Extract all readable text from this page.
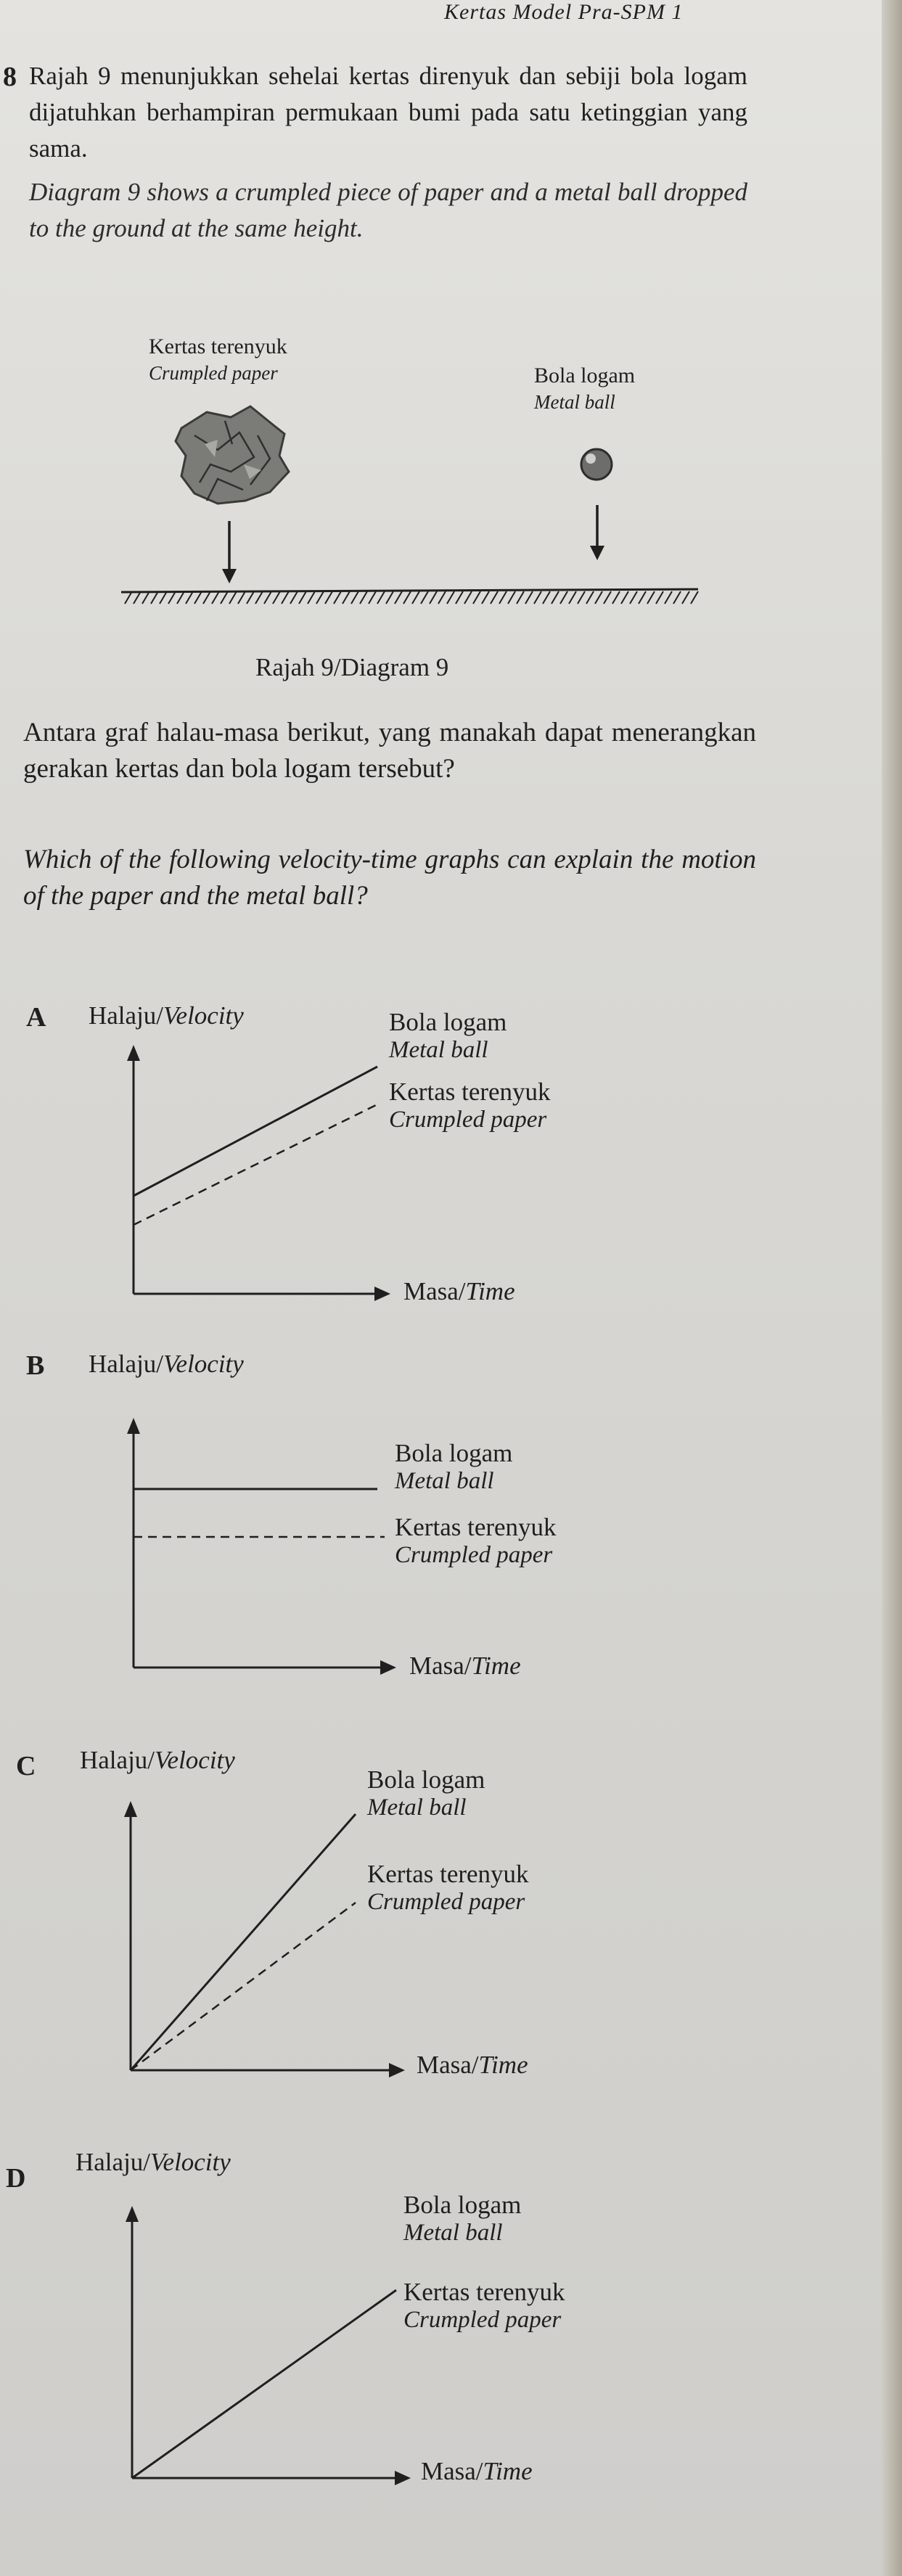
Kertas Model Pra-SPM 1
8 Rajah 9 menunjukkan sehelai kertas direnyuk dan sebiji bola logam dijatuhkan berhampiran permukaan bumi pada satu ketinggian yang sama.
Diagram 9 shows a crumpled piece of paper and a metal ball dropped to the ground at the same height.
Kertas terenyuk
Crumpled paper	Bola logam
Metal ball
Rajah 9/Diagram 9
Antara graf halau-masa berikut, yang manakah dapat menerangkan gerakan kertas dan bola logam tersebut?
Which of the following velocity-time graphs can explain the motion of the paper and the metal ball?
A Halaju/Velocity	Bola logam
Metal ball
Kertas terenyuk
Crumpled paper
Masa/Time
B Halaju/Velocity
Bola logam
Metal ball
Kertas terenyuk
Crumpled paper
Masa/Time
C Halaju/Velocity
Bola logam
Metal ball
Kertas terenyuk
Crumpled paper
Masa/Time
D
Halaju/Velocity
Bola logam
Metal ball
Kertas terenyuk
Crumpled paper
Masa/Time
